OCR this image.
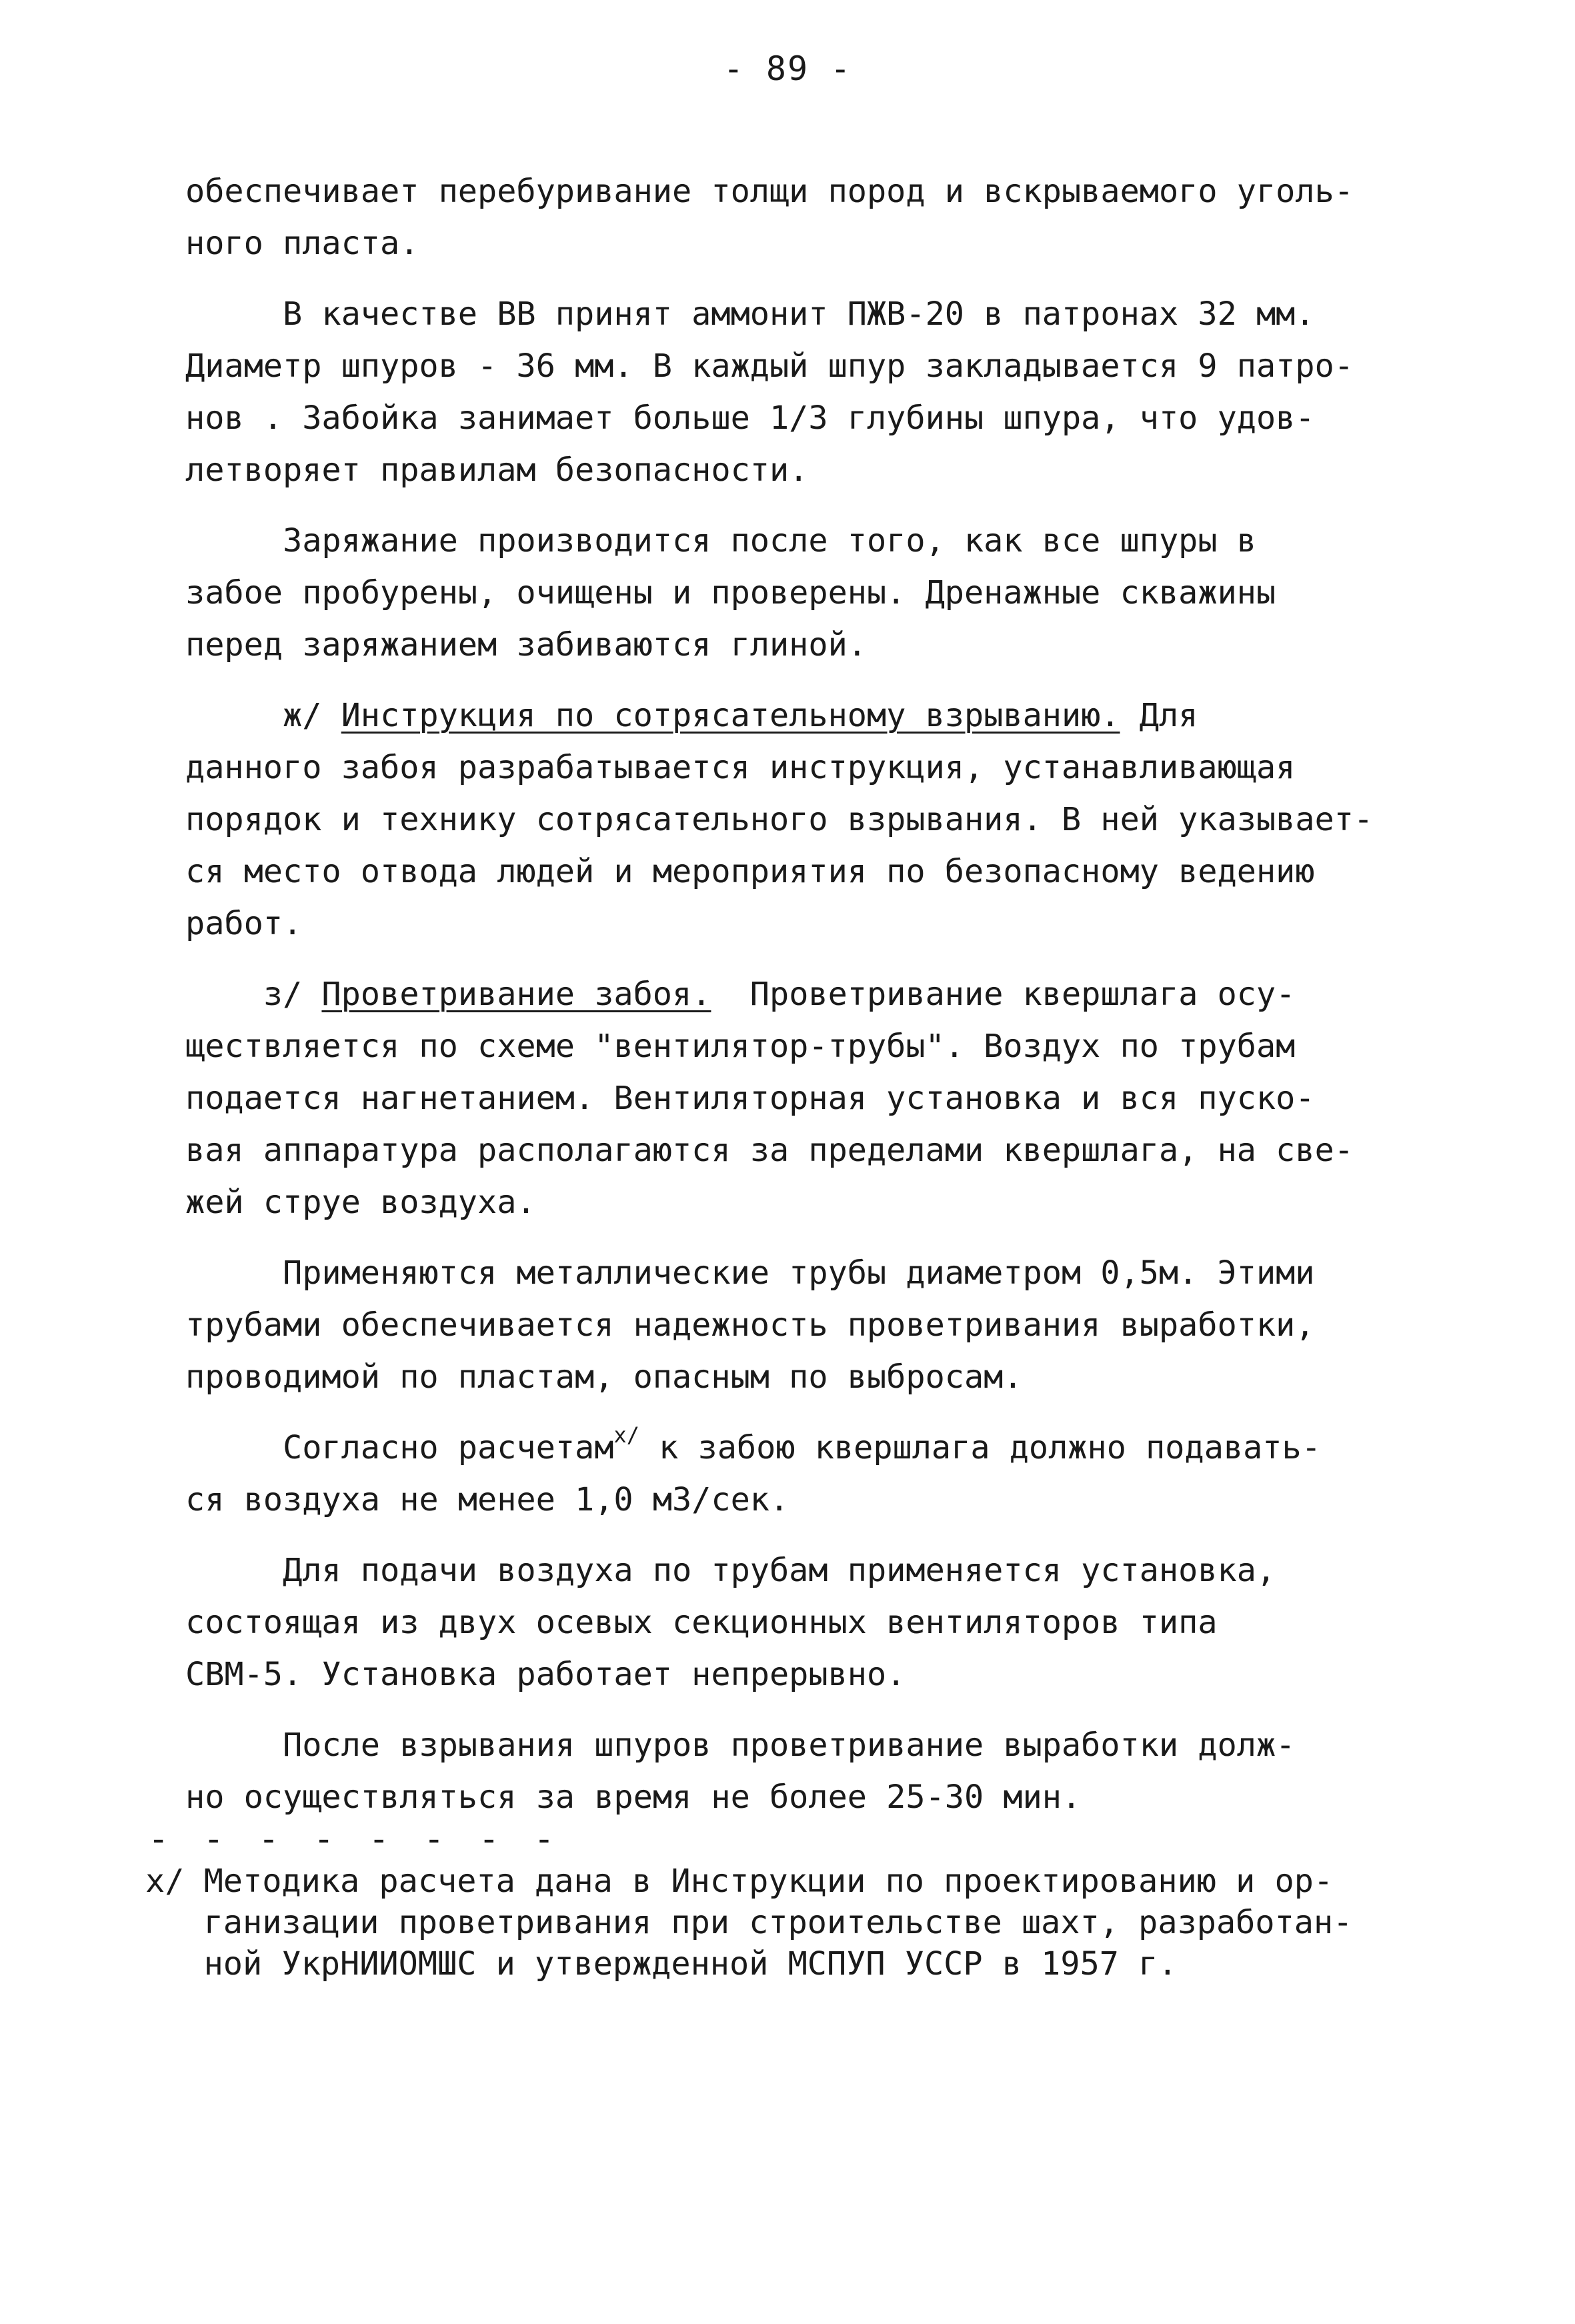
- 89 -
обеспечивает перебуривание толщи пород и вскрываемого уголь-
ного пласта.
В качестве ВВ принят аммонит ПЖВ-20 в патронах 32 мм.
Диаметр шпуров - 36 мм. В каждый шпур закладывается 9 патро-
нов . Забойка занимает больше 1/3 глубины шпура, что удов-
летворяет правилам безопасности.
Заряжание производится после того, как все шпуры в
забое пробурены, очищены и проверены. Дренажные скважины
перед заряжанием забиваются глиной.
ж/ Инструкция по сотрясательному взрыванию. Для
данного забоя разрабатывается инструкция, устанавливающая
порядок и технику сотрясательного взрывания. В ней указывает-
ся место отвода людей и мероприятия по безопасному ведению
работ.
з/ Проветривание забоя.  Проветривание квершлага осу-
ществляется по схеме "вентилятор-трубы". Воздух по трубам
подается нагнетанием. Вентиляторная установка и вся пуско-
вая аппаратура располагаются за пределами квершлага, на све-
жей струе воздуха.
Применяются металлические трубы диаметром 0,5м. Этими
трубами обеспечивается надежность проветривания выработки,
проводимой по пластам, опасным по выбросам.
Согласно расчетам$^{х/}$ к забою квершлага должно подавать-
ся воздуха не менее 1,0 м3/сек.
Для подачи воздуха по трубам применяется установка,
состоящая из двух осевых секционных вентиляторов типа
СВМ-5. Установка работает непрерывно.
После взрывания шпуров проветривание выработки долж-
но осуществляться за время не более 25-30 мин.
- - - - - - - -
х/ Методика расчета дана в Инструкции по проектированию и ор-
ганизации проветривания при строительстве шахт, разработан-
ной УкрНИИОМШС и утвержденной МСПУП УССР в 1957 г.
